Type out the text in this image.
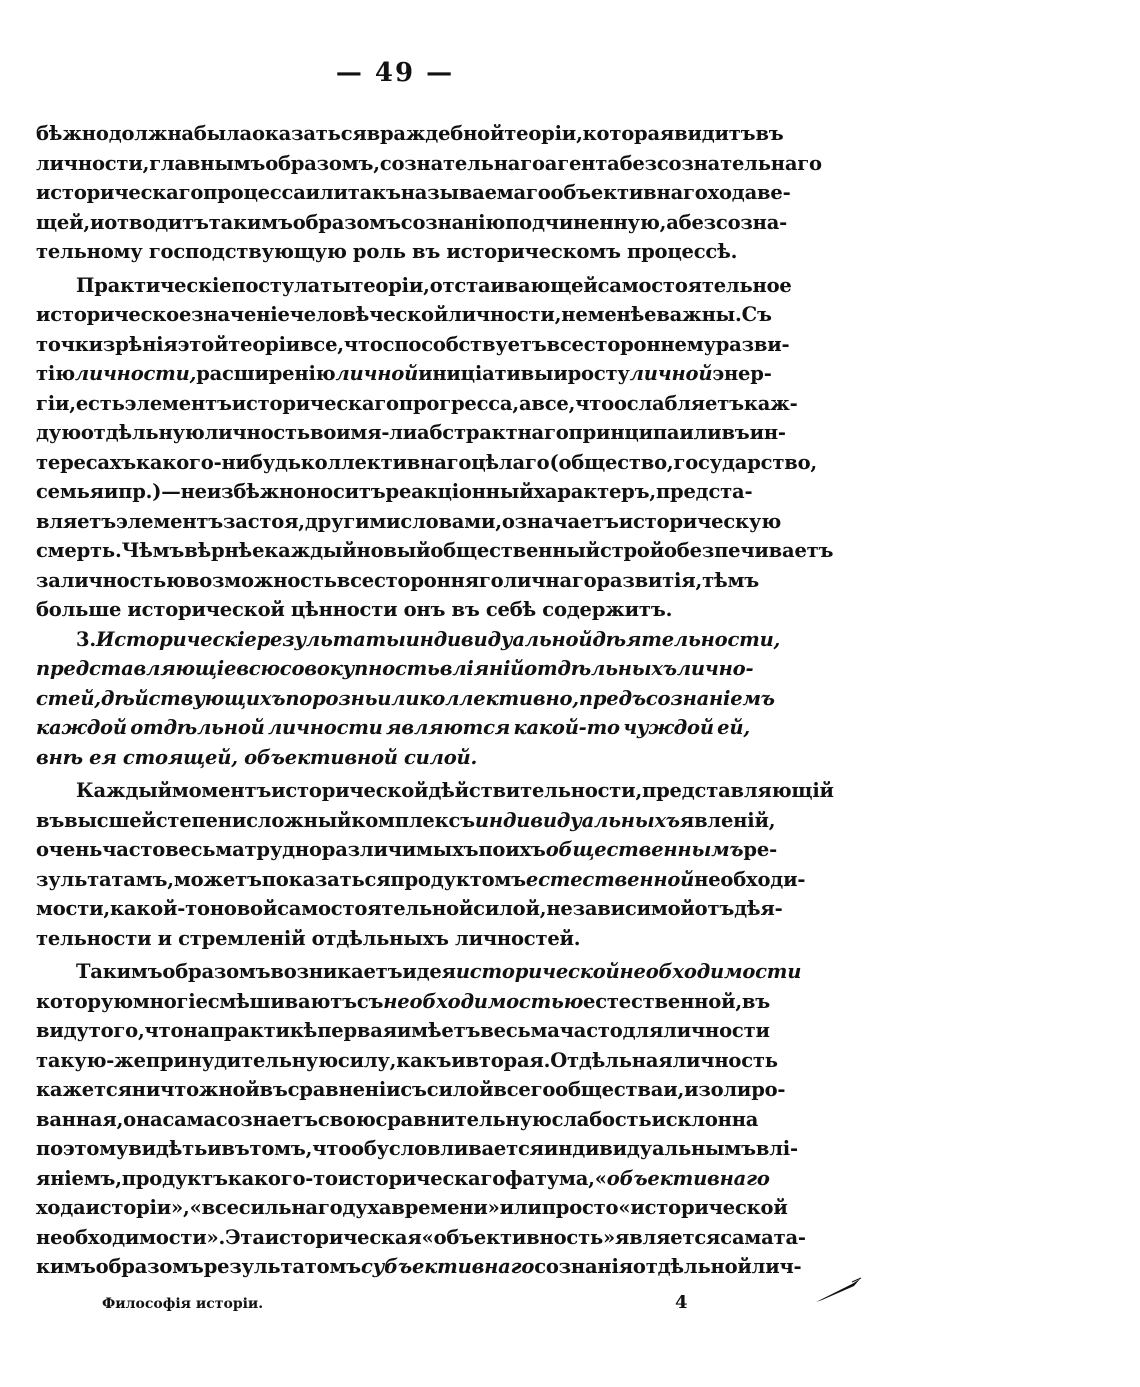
— 49 —
бѣжно должна была оказаться враждебной теоріи, которая видитъ въ
личности, главнымъ образомъ, сознательнаго агента безсознательнаго
историческаго процесса или такъ называемаго объективнаго хода ве-
щей, и отводитъ такимъ образомъ сознанію подчиненную, а безсозна-
тельному господствующую роль въ историческомъ процессѣ.
Практическіе постулаты теоріи, отстаивающей самостоятельное
историческое значеніе человѣческой личности, не менѣе важны. Съ
точки зрѣнія этой теоріи все, что способствуетъ всестороннему разви-
тію личности, расширенію личной иниціативы и росту личной энер-
гіи, есть элементъ историческаго прогресса, а все, что ослабляетъ каж-
дую отдѣльную личность во имя-ли абстрактнаго принципа или въ ин-
тересахъ какого-нибудь коллективнаго цѣлаго (общество, государство,
семья и пр.) — неизбѣжно носитъ реакціонный характеръ, предста-
вляетъ элементъ застоя, другими словами, означаетъ историческую
смерть. Чѣмъ вѣрнѣе каждый новый общественный строй обезпечиваетъ
за личностью возможность всесторонняго личнаго развитія, тѣмъ
больше исторической цѣнности онъ въ себѣ содержитъ.
3. Историческіе результаты индивидуальной дѣятельности,
представляющіе всю совокупность вліяній отдѣльныхъ лично-
стей, дѣйствующихъ порознь или коллективно, предъ сознаніемъ
каждой отдѣльной личности являются какой-то чуждой ей,
внѣ ея стоящей, объективной силой.
Каждый моментъ исторической дѣйствительности, представляющій
въ высшей степени сложный комплексъ индивидуальныхъ явленій,
очень часто весьма трудно различимыхъ по ихъ общественнымъ ре-
зультатамъ, можетъ показаться продуктомъ естественной необходи-
мости, какой-то новой самостоятельной силой, независимой отъ дѣя-
тельности и стремленій отдѣльныхъ личностей.
Такимъ образомъ возникаетъ идея исторической необходимости
которую многіе смѣшиваютъ съ необходимостью естественной, въ
виду того, что на практикѣ первая имѣетъ весьма часто для личности
такую-же принудительную силу, какъ и вторая. Отдѣльная личность
кажется ничтожной въ сравненіи съ силой всего общества и, изолиро-
ванная, она сама сознаетъ свою сравнительную слабость и склонна
поэтому видѣть и въ томъ, что обусловливается индивидуальнымъ влі-
яніемъ, продуктъ какого-то историческаго фатума, «объективнаго
хода исторіи», «всесильнаго духа времени» или просто «исторической
необходимости». Эта историческая «объективность» является сама та-
кимъ образомъ результатомъ субъективнаго сознанія отдѣльной лич-
Философія исторіи.	4
